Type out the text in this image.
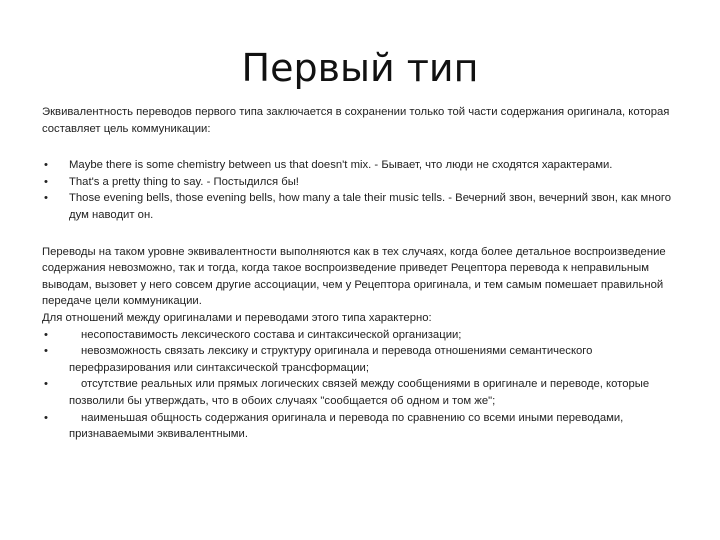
Первый тип

Эквивалентность переводов первого типа заключается в сохранении только той части содержания оригинала, которая составляет цель коммуникации:

• Maybe there is some chemistry between us that doesn't mix. - Бывает, что люди не сходятся характерами.
• That's a pretty thing to say. - Постыдился бы!
• Those evening bells, those evening bells, how many a tale their music tells. - Вечерний звон, вечерний звон, как много дум наводит он.

Переводы на таком уровне эквивалентности выполняются как в тех случаях, когда более детальное воспроизведение содержания невозможно, так и тогда, когда такое воспроизведение приведет Рецептора перевода к неправильным выводам, вызовет у него совсем другие ассоциации, чем у Рецептора оригинала, и тем самым помешает правильной передаче цели коммуникации.

Для отношений между оригиналами и переводами этого типа характерно:

• несопоставимость лексического состава и синтаксической организации;
• невозможность связать лексику и структуру оригинала и перевода отношениями семантического перефразирования или синтаксической трансформации;
• отсутствие реальных или прямых логических связей между сообщениями в оригинале и переводе, которые позволили бы утверждать, что в обоих случаях "сообщается об одном и том же";
• наименьшая общность содержания оригинала и перевода по сравнению со всеми иными переводами, признаваемыми эквивалентными.
